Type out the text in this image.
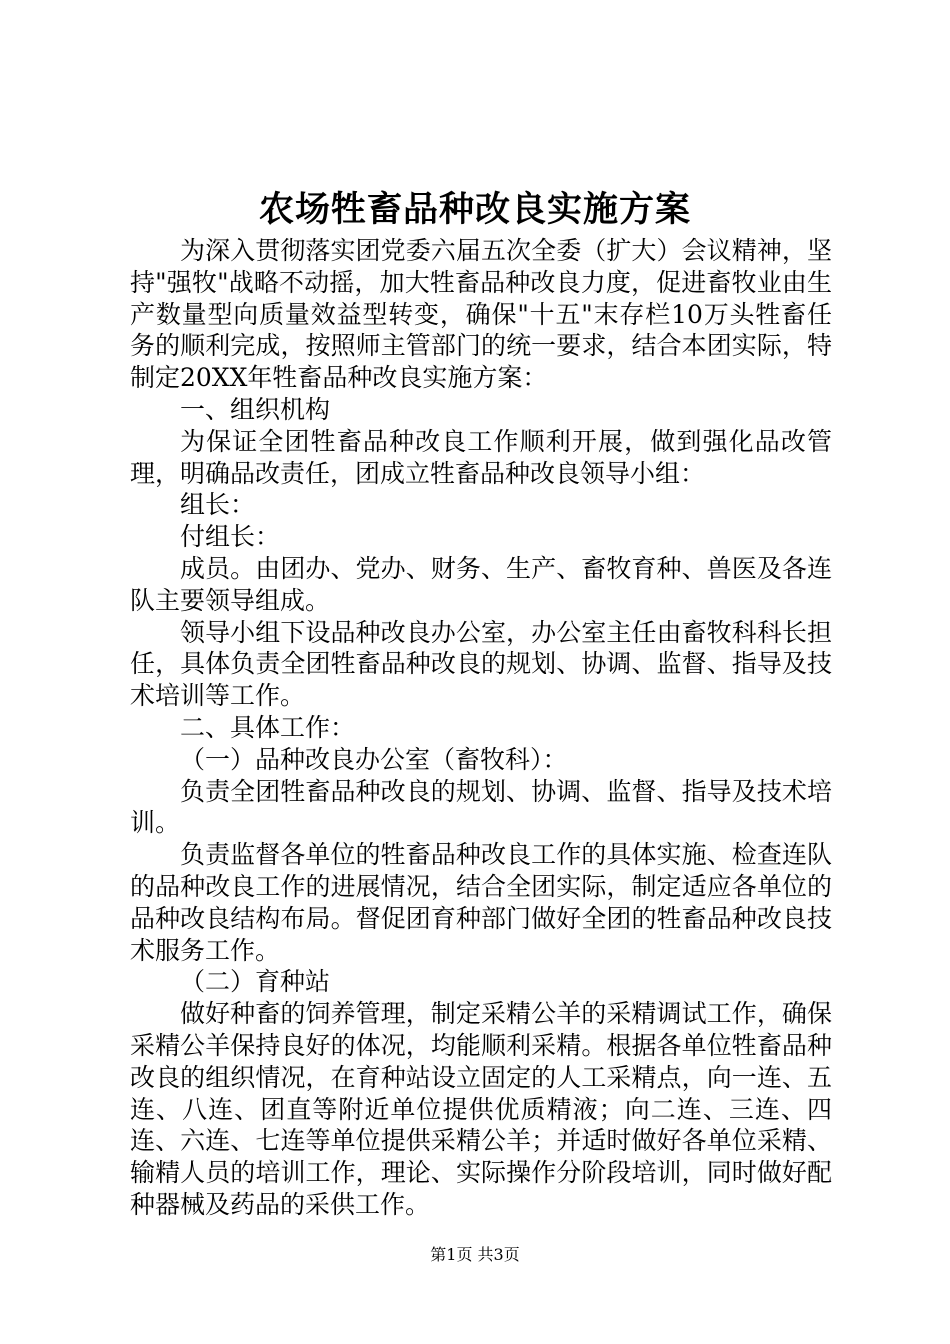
农场牲畜品种改良实施方案

为深入贯彻落实团党委六届五次全委（扩大）会议精神，坚持"强牧"战略不动摇，加大牲畜品种改良力度，促进畜牧业由生产数量型向质量效益型转变，确保"十五"末存栏10万头牲畜任务的顺利完成，按照师主管部门的统一要求，结合本团实际，特制定20XX年牲畜品种改良实施方案：

一、组织机构

为保证全团牲畜品种改良工作顺利开展，做到强化品改管理，明确品改责任，团成立牲畜品种改良领导小组：

组长：

付组长：

成员。由团办、党办、财务、生产、畜牧育种、兽医及各连队主要领导组成。

领导小组下设品种改良办公室，办公室主任由畜牧科科长担任，具体负责全团牲畜品种改良的规划、协调、监督、指导及技术培训等工作。

二、具体工作：

（一）品种改良办公室（畜牧科）：

负责全团牲畜品种改良的规划、协调、监督、指导及技术培训。

负责监督各单位的牲畜品种改良工作的具体实施、检查连队的品种改良工作的进展情况，结合全团实际，制定适应各单位的品种改良结构布局。督促团育种部门做好全团的牲畜品种改良技术服务工作。

（二）育种站

做好种畜的饲养管理，制定采精公羊的采精调试工作，确保采精公羊保持良好的体况，均能顺利采精。根据各单位牲畜品种改良的组织情况，在育种站设立固定的人工采精点，向一连、五连、八连、团直等附近单位提供优质精液；向二连、三连、四连、六连、七连等单位提供采精公羊；并适时做好各单位采精、输精人员的培训工作，理论、实际操作分阶段培训，同时做好配种器械及药品的采供工作。

第1页 共3页
